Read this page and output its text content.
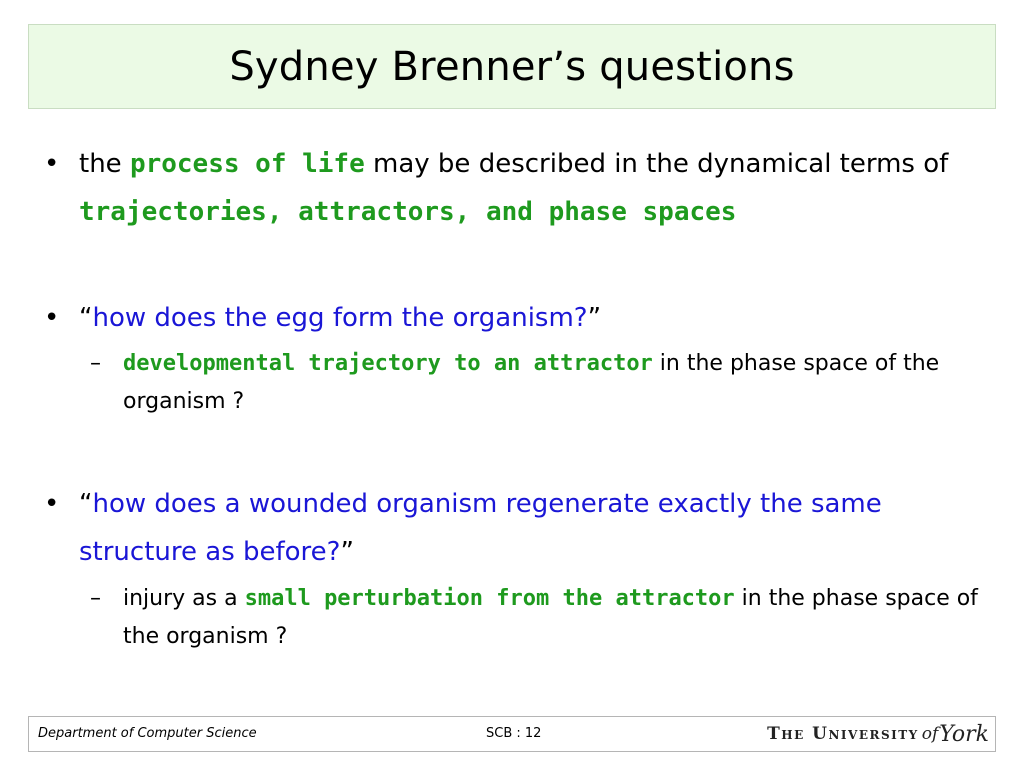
Sydney Brenner’s questions
• the process of life may be described in the dynamical terms of trajectories, attractors, and phase spaces
• “how does the egg form the organism?”
– developmental trajectory to an attractor in the phase space of the organism ?
• “how does a wounded organism regenerate exactly the same structure as before?”
– injury as a small perturbation from the attractor in the phase space of the organism ?
Department of Computer Science	SCB : 12	The University of York
